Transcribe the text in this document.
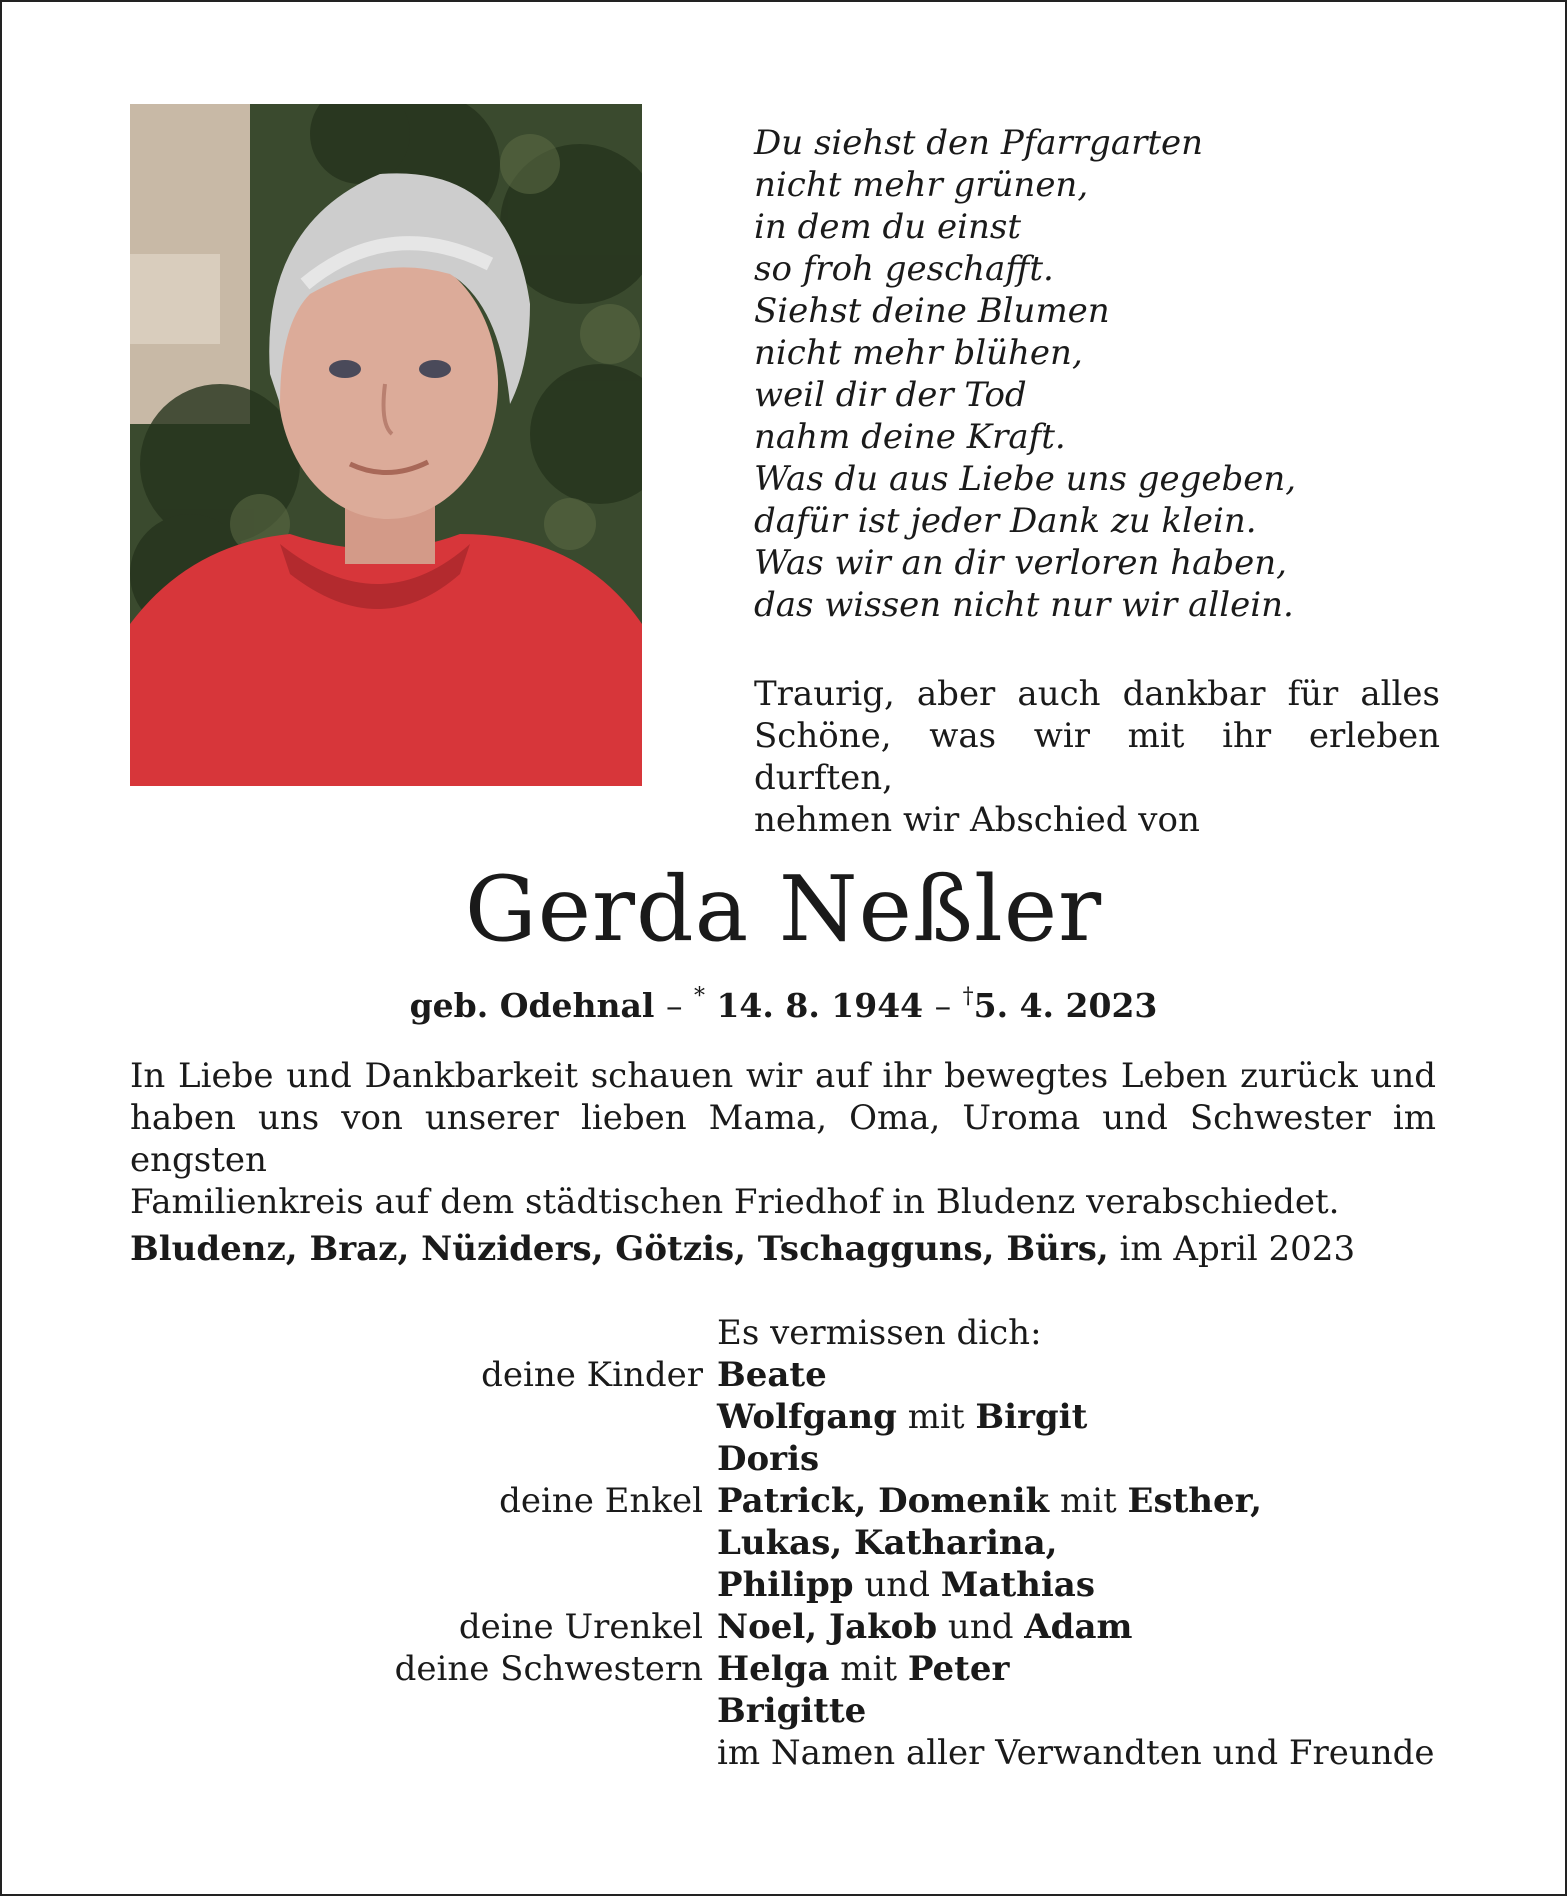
Du siehst den Pfarrgarten
nicht mehr grünen,
in dem du einst
so froh geschafft.
Siehst deine Blumen
nicht mehr blühen,
weil dir der Tod
nahm deine Kraft.
Was du aus Liebe uns gegeben,
dafür ist jeder Dank zu klein.
Was wir an dir verloren haben,
das wissen nicht nur wir allein.
Traurig, aber auch dankbar für alles
Schöne, was wir mit ihr erleben durften,
nehmen wir Abschied von
Gerda Neßler
geb. Odehnal – * 14. 8. 1944 – †5. 4. 2023
In Liebe und Dankbarkeit schauen wir auf ihr bewegtes Leben zurück und
haben uns von unserer lieben Mama, Oma, Uroma und Schwester im engsten
Familienkreis auf dem städtischen Friedhof in Bludenz verabschiedet.
Bludenz, Braz, Nüziders, Götzis, Tschagguns, Bürs, im April 2023
Es vermissen dich:
deine Kinder Beate
Wolfgang mit Birgit
Doris
deine Enkel Patrick, Domenik mit Esther,
Lukas, Katharina,
Philipp und Mathias
deine Urenkel Noel, Jakob und Adam
deine Schwestern Helga mit Peter
Brigitte
im Namen aller Verwandten und Freunde
